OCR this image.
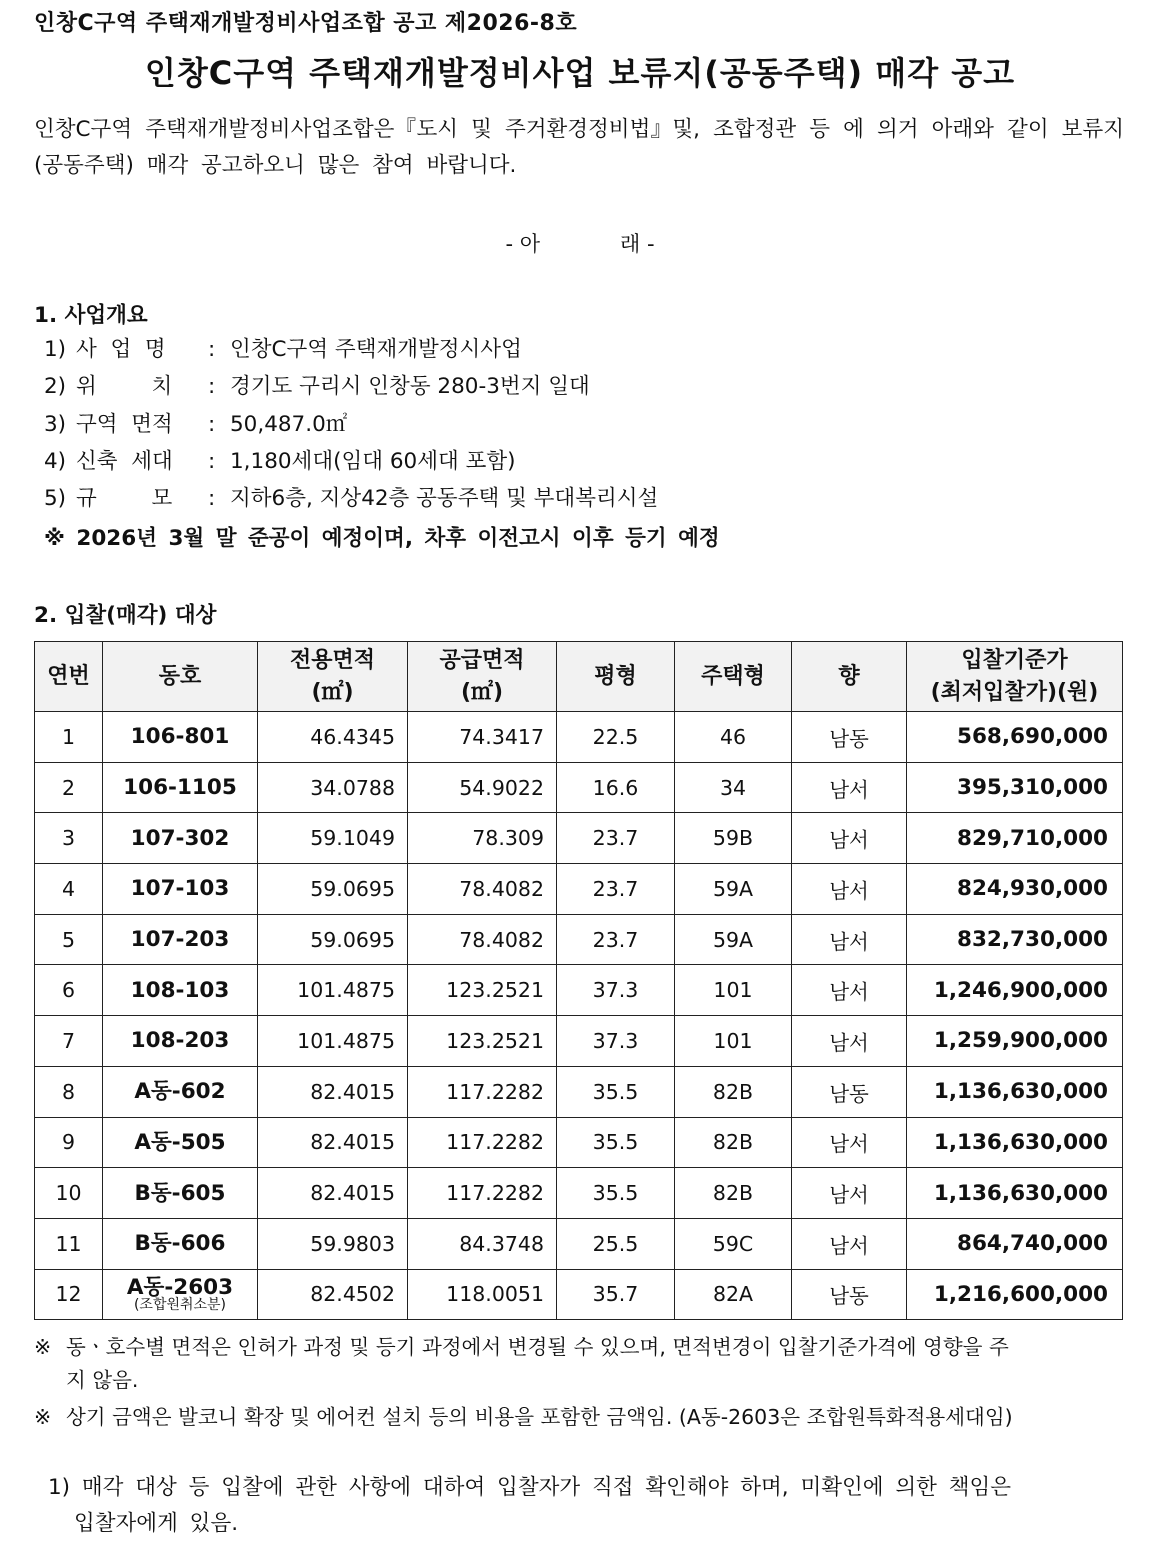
인창C구역 주택재개발정비사업조합 공고 제2026-8호
인창C구역 주택재개발정비사업 보류지(공동주택) 매각 공고
인창C구역 주택재개발정비사업조합은『도시 및 주거환경정비법』및, 조합정관 등 에 의거 아래와 같이 보류지(공동주택) 매각 공고하오니 많은 참여 바랍니다.
- 아	래 -
1. 사업개요
1) 사  업  명 : 인창C구역 주택재개발정시사업
2) 위        치 : 경기도 구리시 인창동 280-3번지 일대
3) 구역  면적 : 50,487.0㎡
4) 신축  세대 : 1,180세대(임대 60세대 포함)
5) 규        모 : 지하6층, 지상42층 공동주택 및 부대복리시설
※ 2026년 3월 말 준공이 예정이며, 차후 이전고시 이후 등기 예정
2. 입찰(매각) 대상
연번	동호	전용면적
(㎡)	공급면적
(㎡)	평형	주택형	향	입찰기준가
(최저입찰가)(원)
1	106-801	46.4345	74.3417	22.5	46	남동	568,690,000
2	106-1105	34.0788	54.9022	16.6	34	남서	395,310,000
3	107-302	59.1049	78.309	23.7	59B	남서	829,710,000
4	107-103	59.0695	78.4082	23.7	59A	남서	824,930,000
5	107-203	59.0695	78.4082	23.7	59A	남서	832,730,000
6	108-103	101.4875	123.2521	37.3	101	남서	1,246,900,000
7	108-203	101.4875	123.2521	37.3	101	남서	1,259,900,000
8	A동-602	82.4015	117.2282	35.5	82B	남동	1,136,630,000
9	A동-505	82.4015	117.2282	35.5	82B	남서	1,136,630,000
10	B동-605	82.4015	117.2282	35.5	82B	남서	1,136,630,000
11	B동-606	59.9803	84.3748	25.5	59C	남서	864,740,000
12	A동-2603
(조합원취소분)	82.4502	118.0051	35.7	82A	남동	1,216,600,000
※ 동ㆍ호수별 면적은 인허가 과정 및 등기 과정에서 변경될 수 있으며, 면적변경이 입찰기준가격에 영향을 주
지 않음.
※ 상기 금액은 발코니 확장 및 에어컨 설치 등의 비용을 포함한 금액임. (A동-2603은 조합원특화적용세대임)
1) 매각 대상 등 입찰에 관한 사항에 대하여 입찰자가 직접 확인해야 하며, 미확인에 의한 책임은
입찰자에게 있음.
